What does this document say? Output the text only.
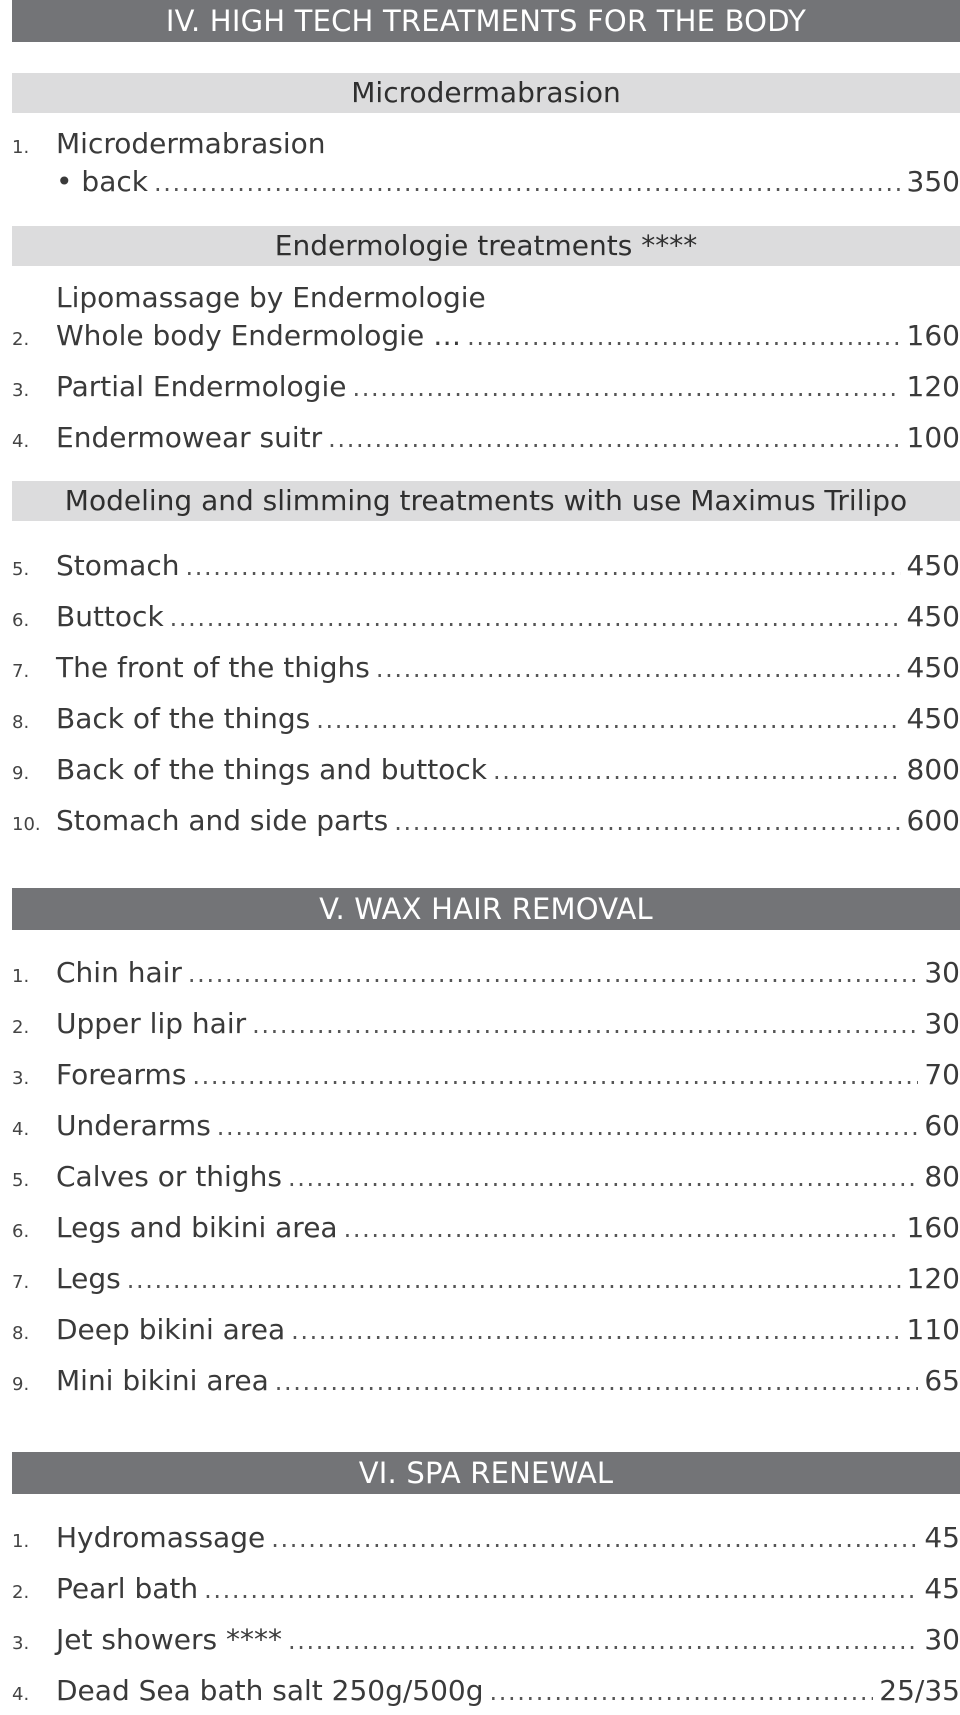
IV. HIGH TECH TREATMENTS FOR THE BODY
Microdermabrasion
1. Microdermabrasion
• back . . .	350
Endermologie treatments ****
Lipomassage by Endermologie
2. Whole body Endermologie … . . .	160
3. Partial Endermologie . . .	120
4. Endermowear suitr . . .	100
Modeling and slimming treatments with use Maximus Trilipo
5. Stomach . . .	450
6. Buttock . . .	450
7. The front of the thighs . . .	450
8. Back of the things . . .	450
9. Back of the things and buttock . . .	800
10. Stomach and side parts . . .	600
V. WAX HAIR REMOVAL
1. Chin hair . . .	30
2. Upper lip hair . . .	30
3. Forearms . . .	70
4. Underarms . . .	60
5. Calves or thighs . . .	80
6. Legs and bikini area . . .	160
7. Legs . . .	120
8. Deep bikini area . . .	110
9. Mini bikini area . . .	65
VI. SPA RENEWAL
1. Hydromassage . . .	45
2. Pearl bath . . .	45
3. Jet showers **** . . .	30
4. Dead Sea bath salt 250g/500g . . .	25/35
